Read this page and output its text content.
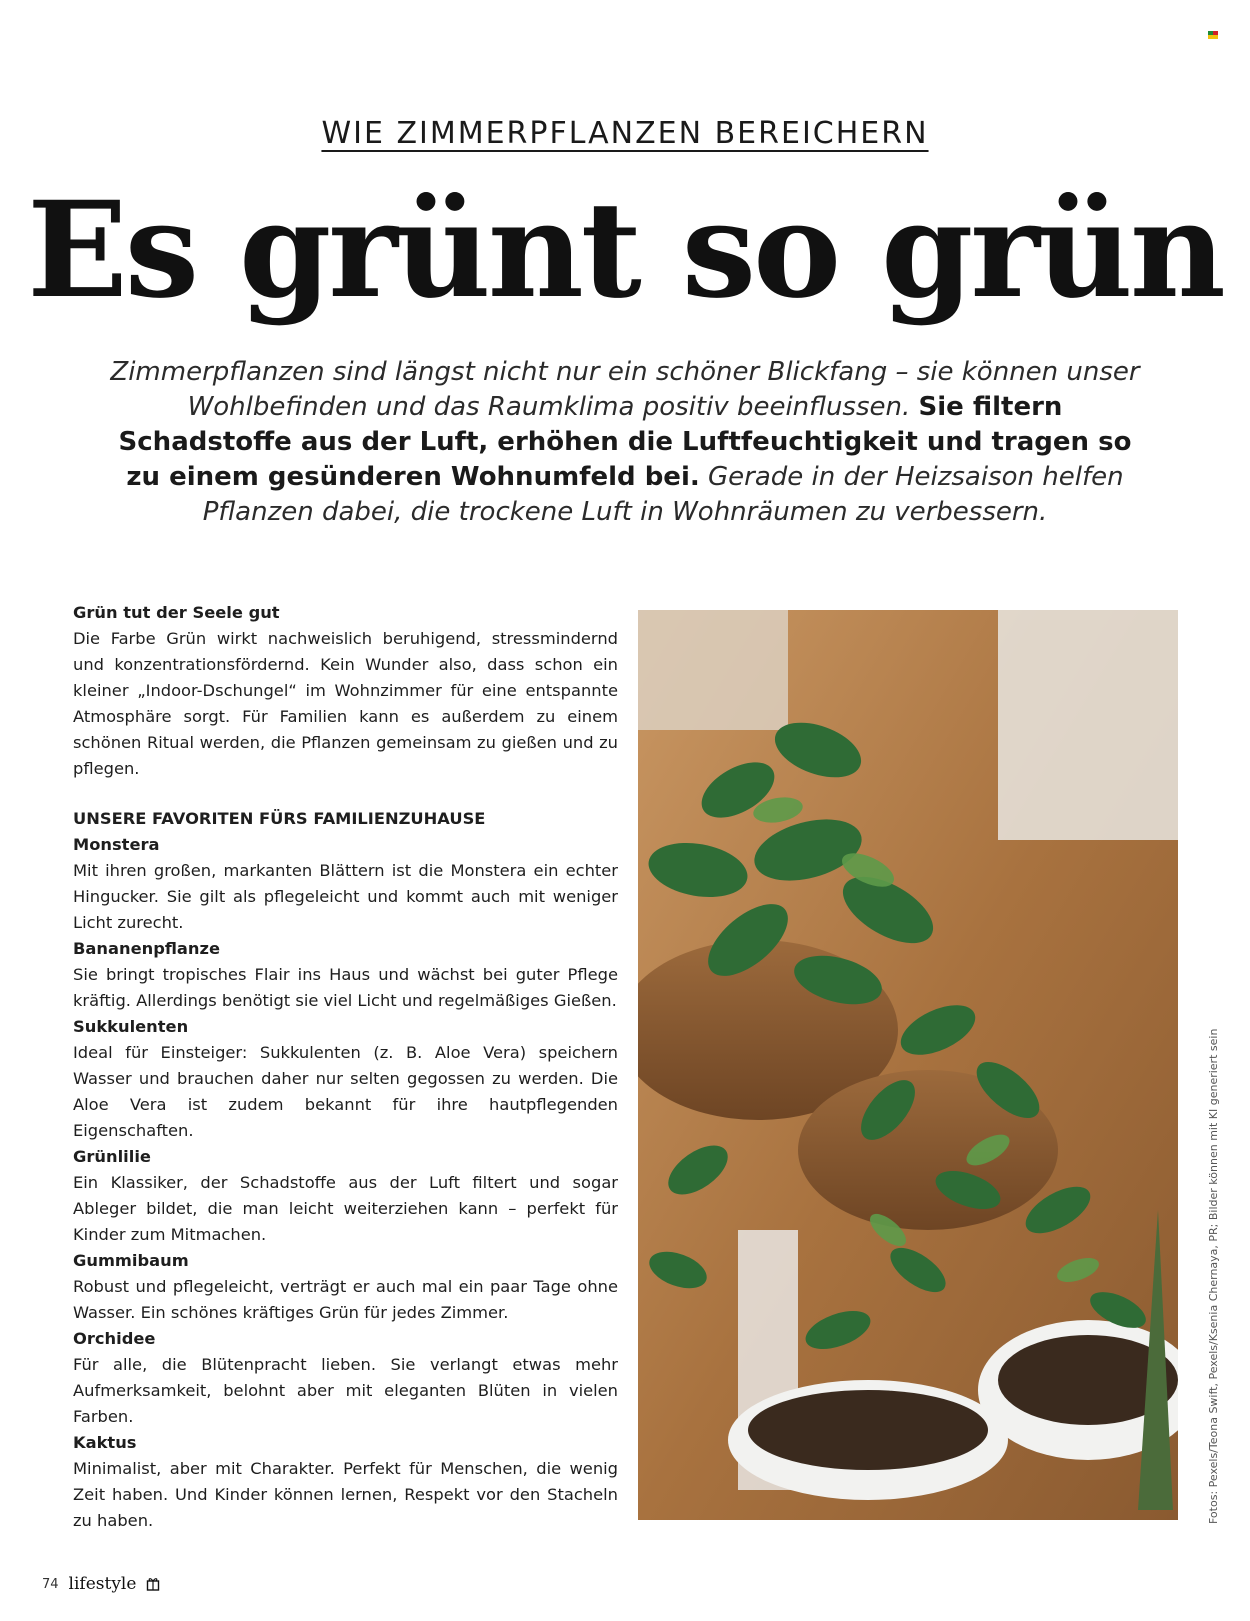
WIE ZIMMERPFLANZEN BEREICHERN
Es grünt so grün
Zimmerpflanzen sind längst nicht nur ein schöner Blickfang – sie können unser Wohlbefinden und das Raumklima positiv beeinflussen. Sie filtern Schadstoffe aus der Luft, erhöhen die Luftfeuchtigkeit und tragen so zu einem gesünderen Wohnumfeld bei. Gerade in der Heizsaison helfen Pflanzen dabei, die trockene Luft in Wohnräumen zu verbessern.
Grün tut der Seele gut

Die Farbe Grün wirkt nachweislich beruhigend, stressmindernd und konzentrationsfördernd. Kein Wunder also, dass schon ein kleiner „Indoor-Dschungel“ im Wohnzimmer für eine entspannte Atmosphäre sorgt. Für Familien kann es außerdem zu einem schönen Ritual werden, die Pflanzen gemeinsam zu gießen und zu pflegen.

UNSERE FAVORITEN FÜRS FAMILIENZUHAUSE
Monstera

Mit ihren großen, markanten Blättern ist die Monstera ein echter Hingucker. Sie gilt als pflegeleicht und kommt auch mit weniger Licht zurecht.

Bananenpflanze

Sie bringt tropisches Flair ins Haus und wächst bei guter Pflege kräftig. Allerdings benötigt sie viel Licht und regelmäßiges Gießen.

Sukkulenten

Ideal für Einsteiger: Sukkulenten (z. B. Aloe Vera) speichern Wasser und brauchen daher nur selten gegossen zu werden. Die Aloe Vera ist zudem bekannt für ihre hautpflegenden Eigenschaften.

Grünlilie

Ein Klassiker, der Schadstoffe aus der Luft filtert und sogar Ableger bildet, die man leicht weiterziehen kann – perfekt für Kinder zum Mitmachen.

Gummibaum

Robust und pflegeleicht, verträgt er auch mal ein paar Tage ohne Wasser. Ein schönes kräftiges Grün für jedes Zimmer.

Orchidee

Für alle, die Blütenpracht lieben. Sie verlangt etwas mehr Aufmerksamkeit, belohnt aber mit eleganten Blüten in vielen Farben.

Kaktus

Minimalist, aber mit Charakter. Perfekt für Menschen, die wenig Zeit haben. Und Kinder können lernen, Respekt vor den Stacheln zu haben.	Fotos: Pexels/Teona Swift, Pexels/Ksenia Chernaya, PR; Bilder können mit KI generiert sein
74 lifestyle
